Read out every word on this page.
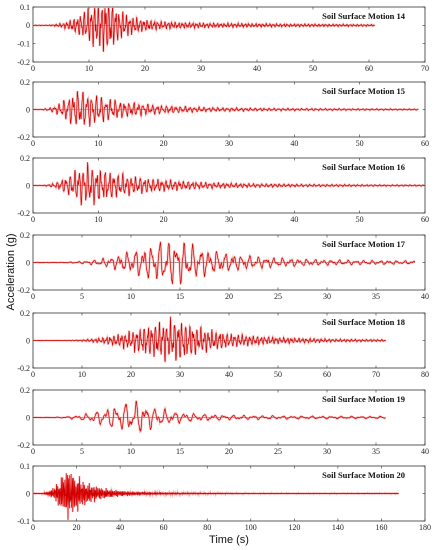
Acceleration (g)
Time (s)
0	10	20	30	40	50	60	70
0.1
0
-0.1
-0.2
Soil Surface Motion 14
0	10	20	30	40	50	60
0.2
0
-0.2
Soil Surface Motion 15
0	10	20	30	40	50	60
0.2
0
-0.2
Soil Surface Motion 16
0	5	10	15	20	25	30	35	40
0.2
0
-0.2
Soil Surface Motion 17
0	10	20	30	40	50	60	70	80
0.2
0
-0.2
Soil Surface Motion 18
0	5	10	15	20	25	30	35	40
0.2
0
-0.2
Soil Surface Motion 19
0	20	40	60	80	100	120	140	160	180
0.1
0
-0.1
Soil Surface Motion 20
